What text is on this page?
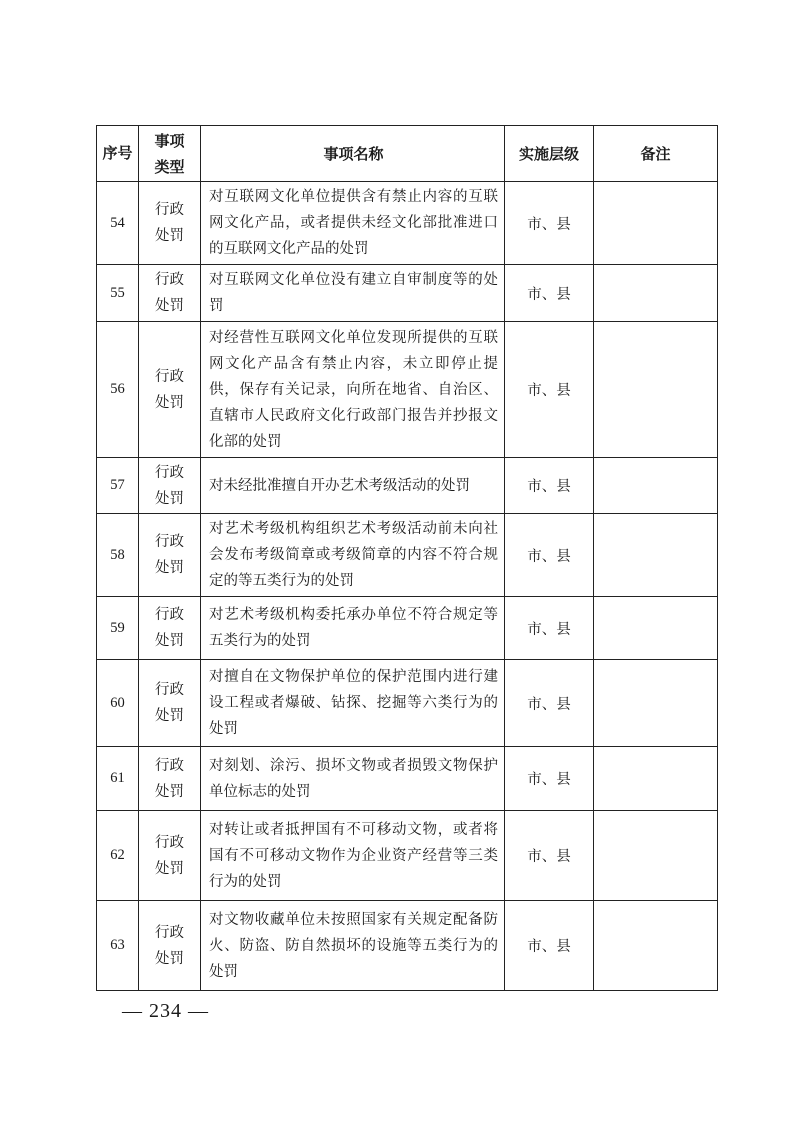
序号	事项类型	事项名称	实施层级	备注
54	行政处罚	对互联网文化单位提供含有禁止内容的互联网文化产品，或者提供未经文化部批准进口的互联网文化产品的处罚	市、县	
55	行政处罚	对互联网文化单位没有建立自审制度等的处罚	市、县	
56	行政处罚	对经营性互联网文化单位发现所提供的互联网文化产品含有禁止内容，未立即停止提供，保存有关记录，向所在地省、自治区、直辖市人民政府文化行政部门报告并抄报文化部的处罚	市、县	
57	行政处罚	对未经批准擅自开办艺术考级活动的处罚	市、县	
58	行政处罚	对艺术考级机构组织艺术考级活动前未向社会发布考级简章或考级简章的内容不符合规定的等五类行为的处罚	市、县	
59	行政处罚	对艺术考级机构委托承办单位不符合规定等五类行为的处罚	市、县	
60	行政处罚	对擅自在文物保护单位的保护范围内进行建设工程或者爆破、钻探、挖掘等六类行为的处罚	市、县	
61	行政处罚	对刻划、涂污、损坏文物或者损毁文物保护单位标志的处罚	市、县	
62	行政处罚	对转让或者抵押国有不可移动文物，或者将国有不可移动文物作为企业资产经营等三类行为的处罚	市、县	
63	行政处罚	对文物收藏单位未按照国家有关规定配备防火、防盗、防自然损坏的设施等五类行为的处罚	市、县	
— 234 —
